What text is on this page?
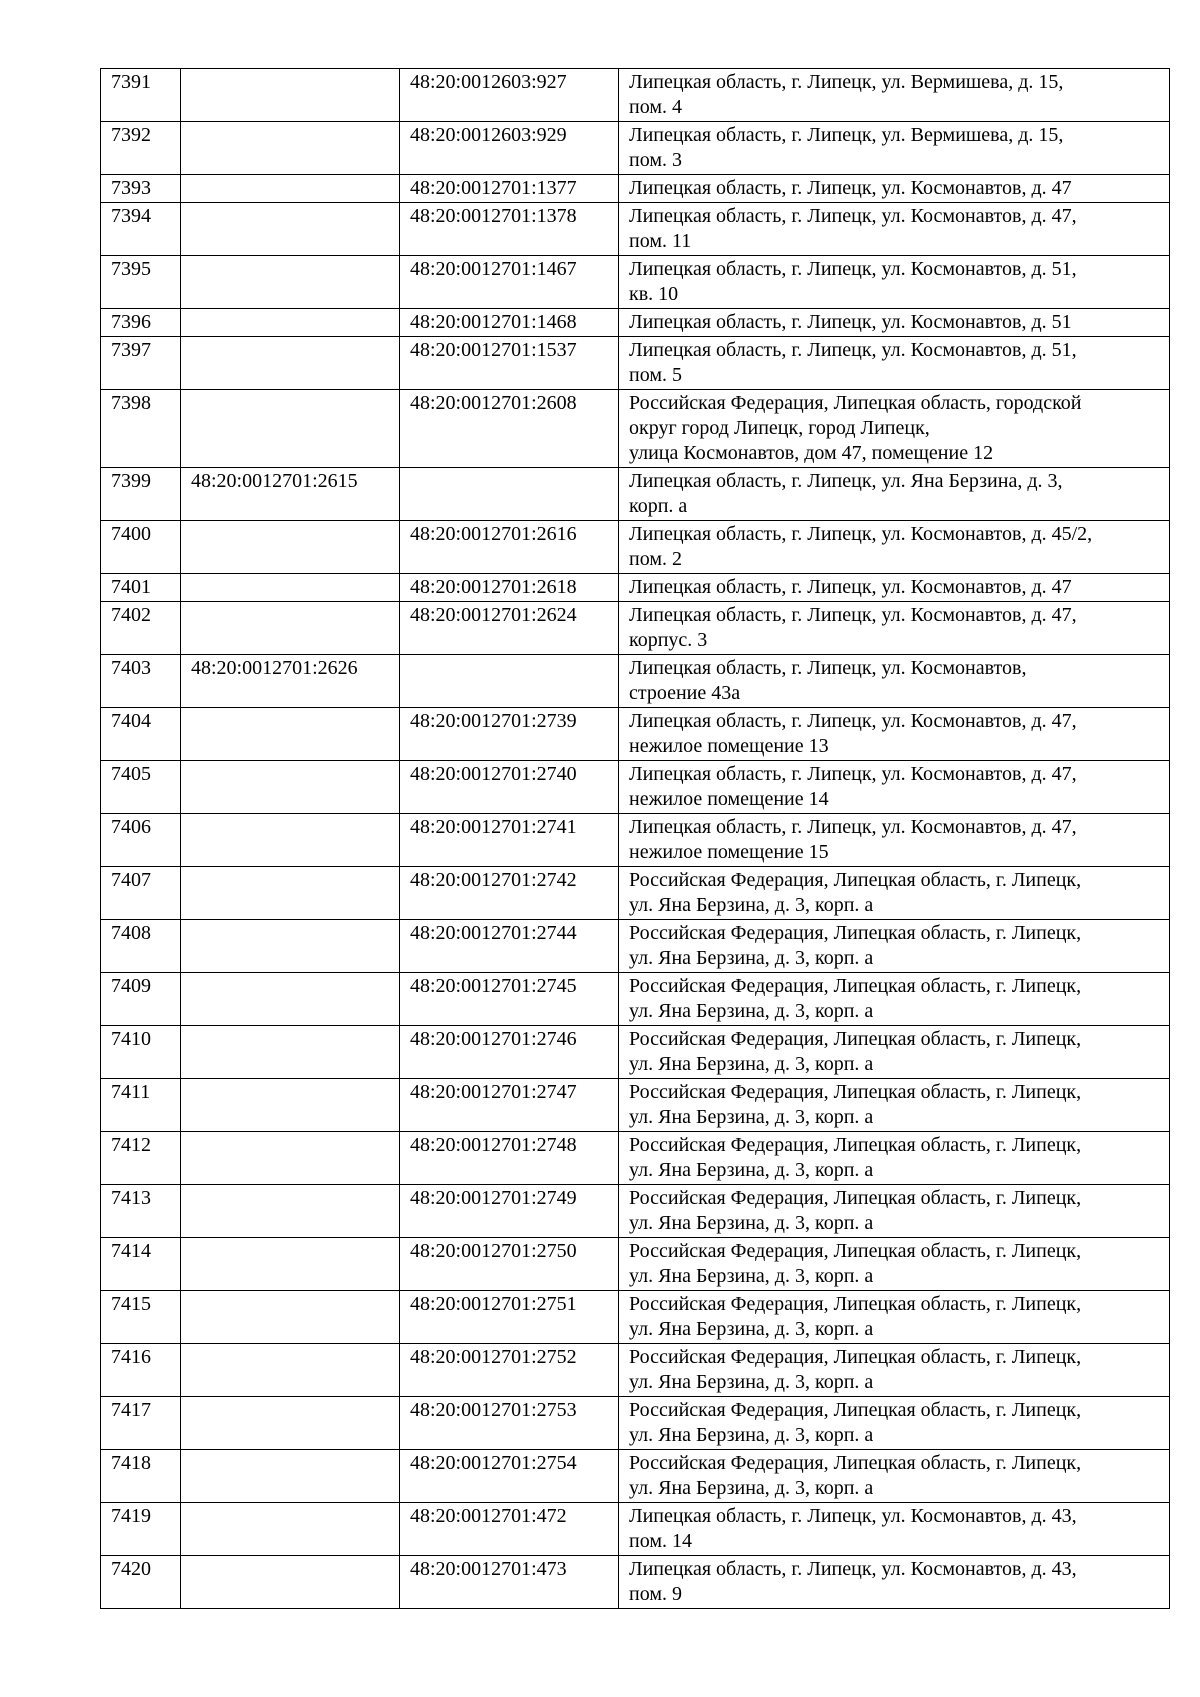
7391		48:20:0012603:927	Липецкая область, г. Липецк, ул. Вермишева, д. 15,
пом. 4
7392		48:20:0012603:929	Липецкая область, г. Липецк, ул. Вермишева, д. 15,
пом. 3
7393		48:20:0012701:1377	Липецкая область, г. Липецк, ул. Космонавтов, д. 47
7394		48:20:0012701:1378	Липецкая область, г. Липецк, ул. Космонавтов, д. 47,
пом. 11
7395		48:20:0012701:1467	Липецкая область, г. Липецк, ул. Космонавтов, д. 51,
кв. 10
7396		48:20:0012701:1468	Липецкая область, г. Липецк, ул. Космонавтов, д. 51
7397		48:20:0012701:1537	Липецкая область, г. Липецк, ул. Космонавтов, д. 51,
пом. 5
7398		48:20:0012701:2608	Российская Федерация, Липецкая область, городской
округ город Липецк, город Липецк,
улица Космонавтов, дом 47, помещение 12
7399	48:20:0012701:2615		Липецкая область, г. Липецк, ул. Яна Берзина, д. 3,
корп. а
7400		48:20:0012701:2616	Липецкая область, г. Липецк, ул. Космонавтов, д. 45/2,
пом. 2
7401		48:20:0012701:2618	Липецкая область, г. Липецк, ул. Космонавтов, д. 47
7402		48:20:0012701:2624	Липецкая область, г. Липецк, ул. Космонавтов, д. 47,
корпус. 3
7403	48:20:0012701:2626		Липецкая область, г. Липецк, ул. Космонавтов,
строение 43а
7404		48:20:0012701:2739	Липецкая область, г. Липецк, ул. Космонавтов, д. 47,
нежилое помещение 13
7405		48:20:0012701:2740	Липецкая область, г. Липецк, ул. Космонавтов, д. 47,
нежилое помещение 14
7406		48:20:0012701:2741	Липецкая область, г. Липецк, ул. Космонавтов, д. 47,
нежилое помещение 15
7407		48:20:0012701:2742	Российская Федерация, Липецкая область, г. Липецк,
ул. Яна Берзина, д. 3, корп. а
7408		48:20:0012701:2744	Российская Федерация, Липецкая область, г. Липецк,
ул. Яна Берзина, д. 3, корп. а
7409		48:20:0012701:2745	Российская Федерация, Липецкая область, г. Липецк,
ул. Яна Берзина, д. 3, корп. а
7410		48:20:0012701:2746	Российская Федерация, Липецкая область, г. Липецк,
ул. Яна Берзина, д. 3, корп. а
7411		48:20:0012701:2747	Российская Федерация, Липецкая область, г. Липецк,
ул. Яна Берзина, д. 3, корп. а
7412		48:20:0012701:2748	Российская Федерация, Липецкая область, г. Липецк,
ул. Яна Берзина, д. 3, корп. а
7413		48:20:0012701:2749	Российская Федерация, Липецкая область, г. Липецк,
ул. Яна Берзина, д. 3, корп. а
7414		48:20:0012701:2750	Российская Федерация, Липецкая область, г. Липецк,
ул. Яна Берзина, д. 3, корп. а
7415		48:20:0012701:2751	Российская Федерация, Липецкая область, г. Липецк,
ул. Яна Берзина, д. 3, корп. а
7416		48:20:0012701:2752	Российская Федерация, Липецкая область, г. Липецк,
ул. Яна Берзина, д. 3, корп. а
7417		48:20:0012701:2753	Российская Федерация, Липецкая область, г. Липецк,
ул. Яна Берзина, д. 3, корп. а
7418		48:20:0012701:2754	Российская Федерация, Липецкая область, г. Липецк,
ул. Яна Берзина, д. 3, корп. а
7419		48:20:0012701:472	Липецкая область, г. Липецк, ул. Космонавтов, д. 43,
пом. 14
7420		48:20:0012701:473	Липецкая область, г. Липецк, ул. Космонавтов, д. 43,
пом. 9
